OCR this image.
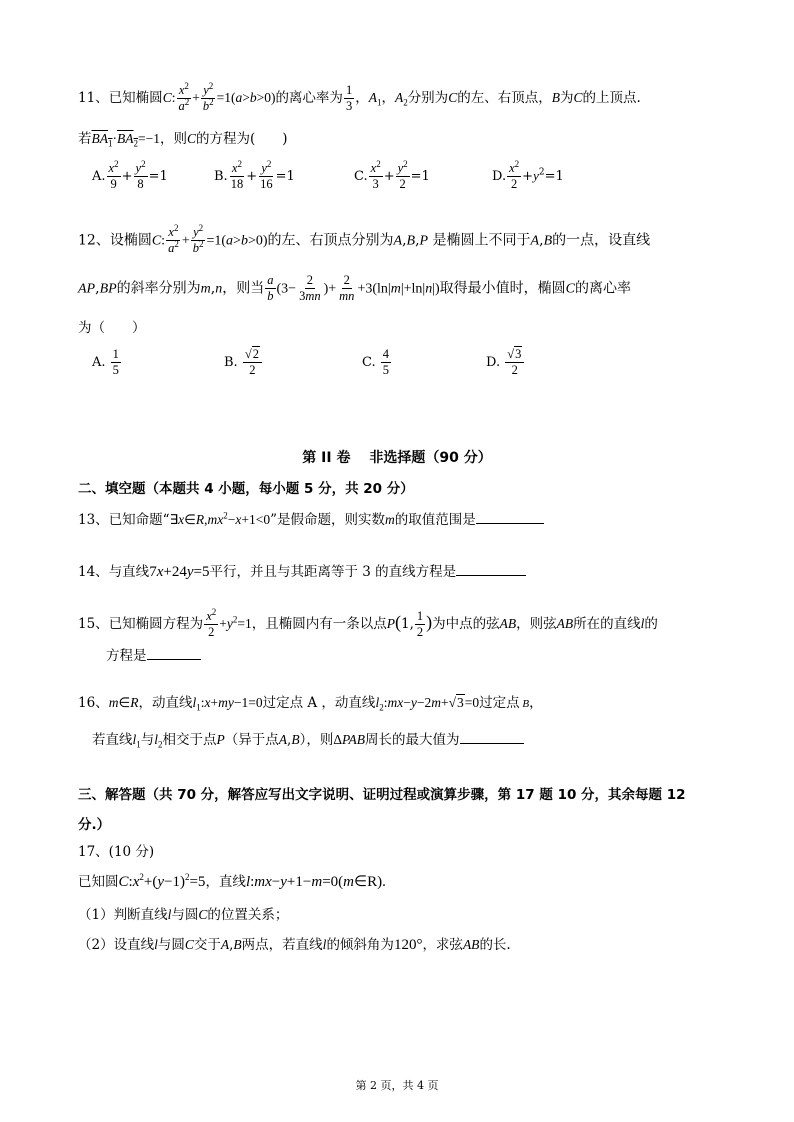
11、已知椭圆C: $\frac{x^2}{a^2} + \frac{y^2}{b^2} =1(a>b>0)$的离心率为 $\frac{1}{3}$ ，$A_1$，$A_2$分别为C的左、右顶点，B为C的上顶点.
若$BA_1\cdot BA_2=-1$，则C的方程为(　　)
A. $\frac{x^2}{9} + \frac{y^2}{8} =1$	B. $\frac{x^2}{18} + \frac{y^2}{16} =1$	C. $\frac{x^2}{3} + \frac{y^2}{2} =1$	D. $\frac{x^2}{2} +y^2=1$
12、设椭圆C: $\frac{x^2}{a^2} + \frac{y^2}{b^2} =1(a>b>0)$的左、右顶点分别为A,B,P 是椭圆上不同于A,B的一点，设直线
AP,BP的斜率分别为m,n，则当 $\frac{a}{b} (3- \frac{2}{3mn}$ )+ $\frac{2}{mn} +3(\ln|m|+\ln|n|)$取得最小值时，椭圆C的离心率
为（　　）
A. $\frac{1}{5}$	B. $\frac{√2}{2}$	C. $\frac{4}{5}$	D. $\frac{√3}{2}$
第 II 卷　 非选择题（90 分）
二、填空题（本题共 4 小题，每小题 5 分，共 20 分）
13、已知命题“$\exists x\in R,mx^2-x+1<0$”是假命题，则实数m的取值范围是
14、与直线7x+24y=5平行，并且与其距离等于 3 的直线方程是
15、已知椭圆方程为 $\frac{x^2}{2} +y^2=1$，且椭圆内有一条以点P(1, $\frac{1}{2}$ )为中点的弦AB，则弦AB所在的直线l的
方程是
16、m∈R，动直线$l_1:x+my-1=0$过定点 A ，动直线$l_2:mx-y-2m+√3=0$过定点 B，
若直线$l_1$与$l_2$相交于点P（异于点A,B），则ΔPAB周长的最大值为
三、解答题（共 70 分，解答应写出文字说明、证明过程或演算步骤，第 17 题 10 分，其余每题 12
分.）
17、(10 分)
已知圆$C:x^2+(y-1)^2=5$，直线l:mx−y+1−m=0(m∈R).
（1）判断直线l与圆C的位置关系；
（2）设直线l与圆C交于A,B两点，若直线l的倾斜角为120°，求弦AB的长.
第 2 页，共 4 页
